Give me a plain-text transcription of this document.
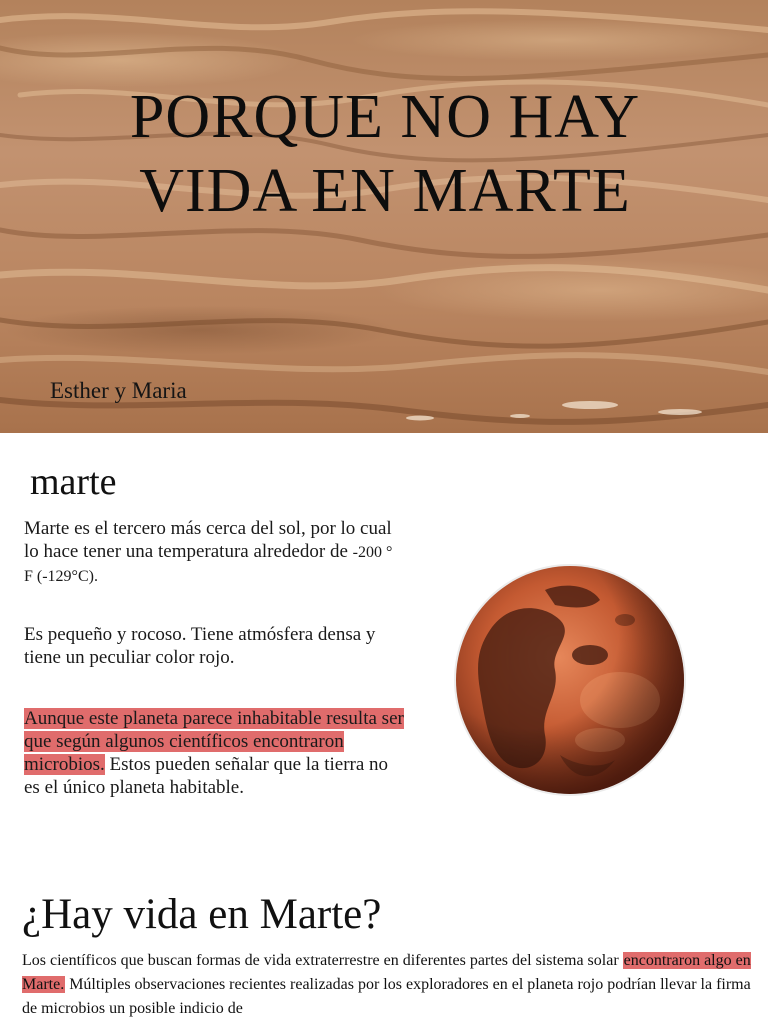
PORQUE NO HAY
VIDA EN MARTE
Esther y Maria
marte
Marte es el tercero más cerca del sol, por lo cual lo hace tener una temperatura alrededor de -200 ° F (-129°C).
Es pequeño y rocoso. Tiene atmósfera densa y tiene un peculiar color rojo.
Aunque este planeta parece inhabitable resulta ser que según algunos científicos encontraron microbios. Estos pueden señalar que la tierra no es el único planeta habitable.
¿Hay vida en Marte?
Los científicos que buscan formas de vida extraterrestre en diferentes partes del sistema solar encontraron algo en Marte. Múltiples observaciones recientes realizadas por los exploradores en el planeta rojo podrían llevar la firma de microbios un posible indicio de
